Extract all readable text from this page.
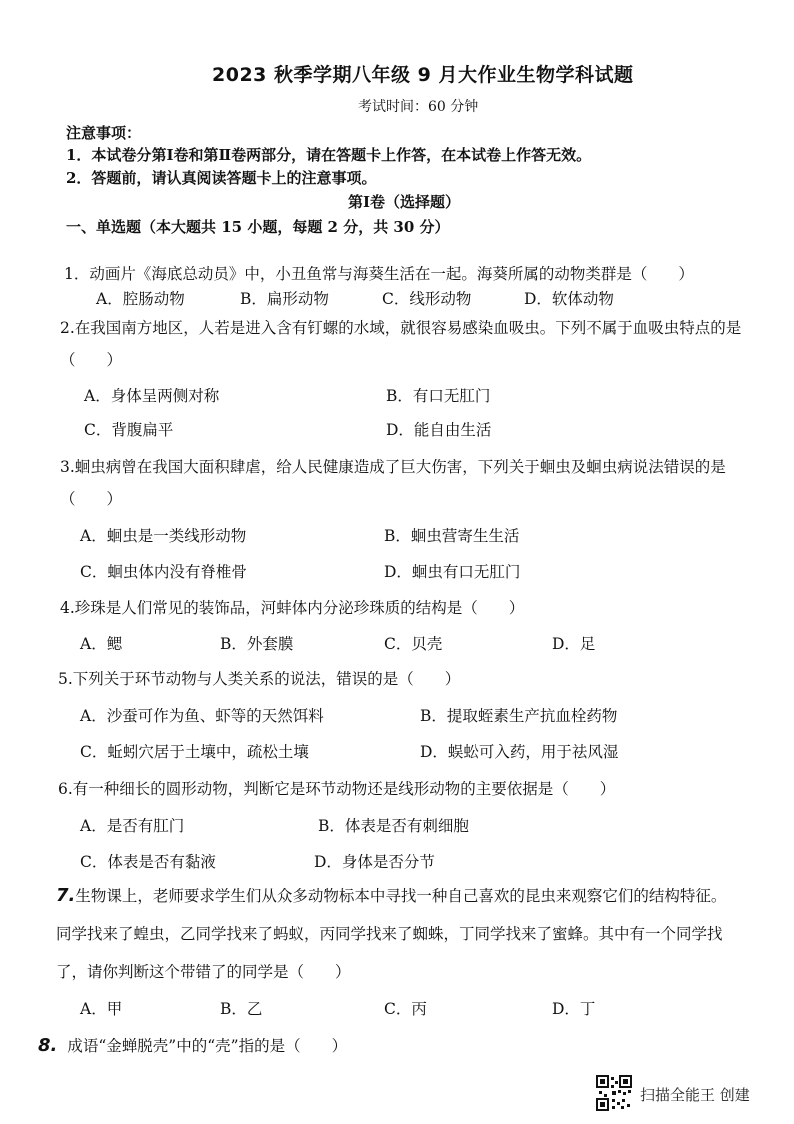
2023 秋季学期八年级 9 月大作业生物学科试题
考试时间：60 分钟
注意事项：
1．本试卷分第Ⅰ卷和第Ⅱ卷两部分，请在答题卡上作答，在本试卷上作答无效。
2．答题前，请认真阅读答题卡上的注意事项。
第Ⅰ卷（选择题）
一、单选题（本大题共 15 小题，每题 2 分，共 30 分）
1．动画片《海底总动员》中，小丑鱼常与海葵生活在一起。海葵所属的动物类群是（　　）
A．腔肠动物	B．扁形动物	C．线形动物	D．软体动物
2.在我国南方地区，人若是进入含有钉螺的水域，就很容易感染血吸虫。下列不属于血吸虫特点的是
（　　）
A．身体呈两侧对称	B．有口无肛门
C．背腹扁平	D．能自由生活
3.蛔虫病曾在我国大面积肆虐，给人民健康造成了巨大伤害，下列关于蛔虫及蛔虫病说法错误的是
（　　）
A．蛔虫是一类线形动物	B．蛔虫营寄生生活
C．蛔虫体内没有脊椎骨	D．蛔虫有口无肛门
4.珍珠是人们常见的装饰品，河蚌体内分泌珍珠质的结构是（　　）
A．鳃	B．外套膜	C．贝壳	D．足
5.下列关于环节动物与人类关系的说法，错误的是（　　）
A．沙蚕可作为鱼、虾等的天然饵料	B．提取蛭素生产抗血栓药物
C．蚯蚓穴居于土壤中，疏松土壤	D．蜈蚣可入药，用于祛风湿
6.有一种细长的圆形动物，判断它是环节动物还是线形动物的主要依据是（　　）
A．是否有肛门	B．体表是否有刺细胞
C．体表是否有黏液	D．身体是否分节
7.生物课上，老师要求学生们从众多动物标本中寻找一种自己喜欢的昆虫来观察它们的结构特征。
同学找来了蝗虫，乙同学找来了蚂蚁，丙同学找来了蜘蛛，丁同学找来了蜜蜂。其中有一个同学找
了，请你判断这个带错了的同学是（　　）
A．甲	B．乙	C．丙	D．丁
8. 成语“金蝉脱壳”中的“壳”指的是（　　）
扫描全能王 创建
